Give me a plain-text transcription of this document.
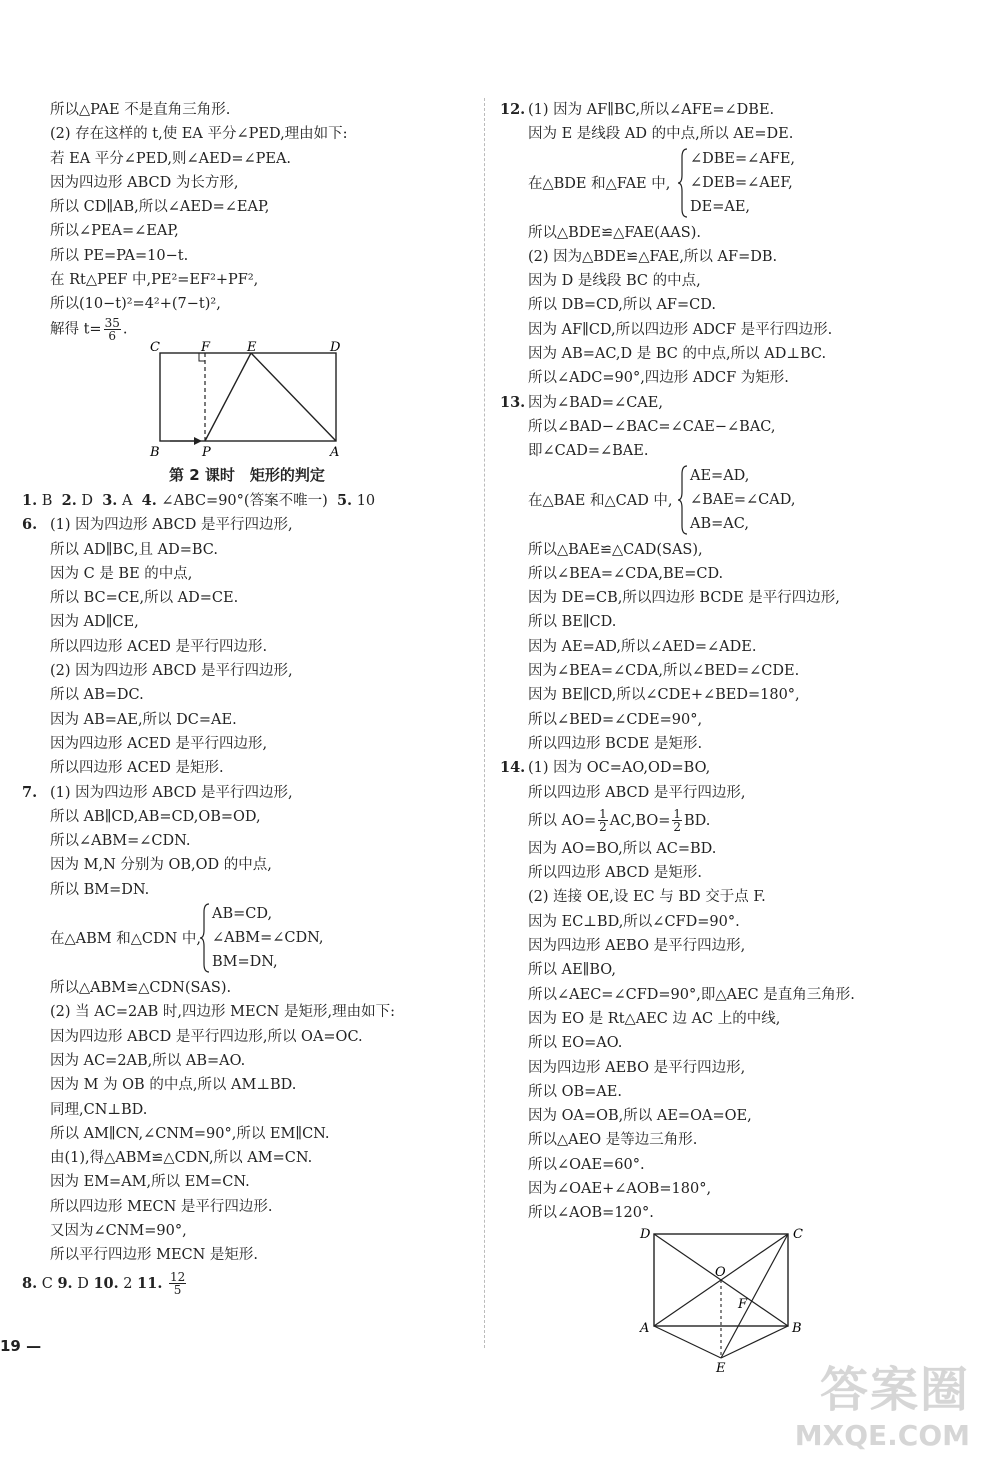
所以△PAE 不是直角三角形.
(2) 存在这样的 t,使 EA 平分∠PED,理由如下:
若 EA 平分∠PED,则∠AED=∠PEA.
因为四边形 ABCD 为长方形,
所以 CD∥AB,所以∠AED=∠EAP,
所以∠PEA=∠EAP,
所以 PE=PA=10−t.
在 Rt△PEF 中,PE²=EF²+PF²,
所以(10−t)²=4²+(7−t)²,
解得 $t= \frac{35}{6}$ .
C	F	E	D
B	P	A
第 2 课时　矩形的判定
1. B  2. D  3. A  4. ∠ABC=90°(答案不唯一)  5. 10
6. (1) 因为四边形 ABCD 是平行四边形,
所以 AD∥BC,且 AD=BC.
因为 C 是 BE 的中点,
所以 BC=CE,所以 AD=CE.
因为 AD∥CE,
所以四边形 ACED 是平行四边形.
(2) 因为四边形 ABCD 是平行四边形,
所以 AB=DC.
因为 AB=AE,所以 DC=AE.
因为四边形 ACED 是平行四边形,
所以四边形 ACED 是矩形.
7. (1) 因为四边形 ABCD 是平行四边形,
所以 AB∥CD,AB=CD,OB=OD,
所以∠ABM=∠CDN.
因为 M,N 分别为 OB,OD 的中点,
所以 BM=DN.
在△ABM 和△CDN 中,
AB=CD,
∠ABM=∠CDN,
BM=DN,
所以△ABM≌△CDN(SAS).
(2) 当 AC=2AB 时,四边形 MECN 是矩形,理由如下:
因为四边形 ABCD 是平行四边形,所以 OA=OC.
因为 AC=2AB,所以 AB=AO.
因为 M 为 OB 的中点,所以 AM⊥BD.
同理,CN⊥BD.
所以 AM∥CN,∠CNM=90°,所以 EM∥CN.
由(1),得△ABM≌△CDN,所以 AM=CN.
因为 EM=AM,所以 EM=CN.
所以四边形 MECN 是平行四边形.
又因为∠CNM=90°,
所以平行四边形 MECN 是矩形.
8. C 9. D 10. 2 11. $\frac{12}{5}$
12. (1) 因为 AF∥BC,所以∠AFE=∠DBE.
因为 E 是线段 AD 的中点,所以 AE=DE.
在△BDE 和△FAE 中,
∠DBE=∠AFE,
∠DEB=∠AEF,
DE=AE,
所以△BDE≌△FAE(AAS).
(2) 因为△BDE≌△FAE,所以 AF=DB.
因为 D 是线段 BC 的中点,
所以 DB=CD,所以 AF=CD.
因为 AF∥CD,所以四边形 ADCF 是平行四边形.
因为 AB=AC,D 是 BC 的中点,所以 AD⊥BC.
所以∠ADC=90°,四边形 ADCF 为矩形.
13. 因为∠BAD=∠CAE,
所以∠BAD−∠BAC=∠CAE−∠BAC,
即∠CAD=∠BAE.
在△BAE 和△CAD 中,
AE=AD,
∠BAE=∠CAD,
AB=AC,
所以△BAE≌△CAD(SAS),
所以∠BEA=∠CDA,BE=CD.
因为 DE=CB,所以四边形 BCDE 是平行四边形,
所以 BE∥CD.
因为 AE=AD,所以∠AED=∠ADE.
因为∠BEA=∠CDA,所以∠BED=∠CDE.
因为 BE∥CD,所以∠CDE+∠BED=180°,
所以∠BED=∠CDE=90°,
所以四边形 BCDE 是矩形.
14. (1) 因为 OC=AO,OD=BO,
所以四边形 ABCD 是平行四边形,
所以 $AO= \frac{1}{2} AC,BO= \frac{1}{2}$ BD.
因为 AO=BO,所以 AC=BD.
所以四边形 ABCD 是矩形.
(2) 连接 OE,设 EC 与 BD 交于点 F.
因为 EC⊥BD,所以∠CFD=90°.
因为四边形 AEBO 是平行四边形,
所以 AE∥BO,
所以∠AEC=∠CFD=90°,即△AEC 是直角三角形.
因为 EO 是 Rt△AEC 边 AC 上的中线,
所以 EO=AO.
因为四边形 AEBO 是平行四边形,
所以 OB=AE.
因为 OA=OB,所以 AE=OA=OE,
所以△AEO 是等边三角形.
所以∠OAE=60°.
因为∠OAE+∠AOB=180°,
所以∠AOB=120°.
D	C
O
F
A	B
E
19 —
答案圈
MXQE.COM
